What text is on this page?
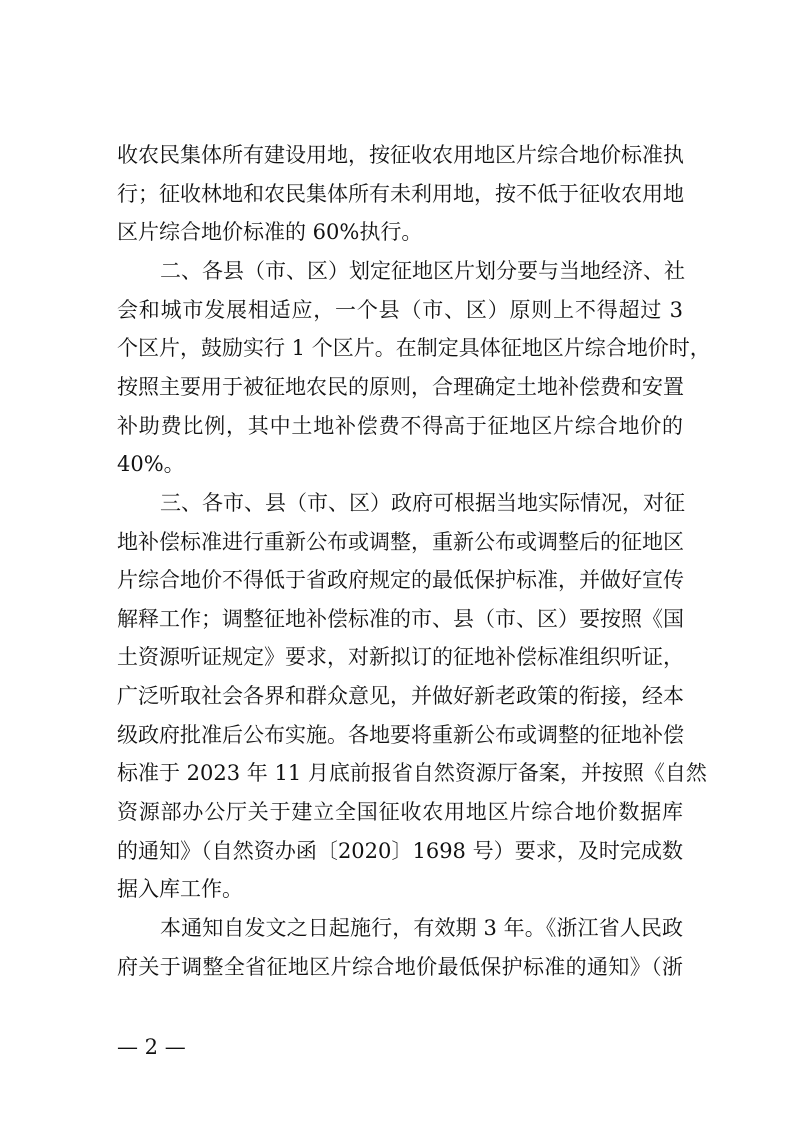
收农民集体所有建设用地，按征收农用地区片综合地价标准执
行；征收林地和农民集体所有未利用地，按不低于征收农用地
区片综合地价标准的 60%执行。
二、各县（市、区）划定征地区片划分要与当地经济、社
会和城市发展相适应，一个县（市、区）原则上不得超过 3
个区片，鼓励实行 1 个区片。在制定具体征地区片综合地价时，
按照主要用于被征地农民的原则，合理确定土地补偿费和安置
补助费比例，其中土地补偿费不得高于征地区片综合地价的
40%。
三、各市、县（市、区）政府可根据当地实际情况，对征
地补偿标准进行重新公布或调整，重新公布或调整后的征地区
片综合地价不得低于省政府规定的最低保护标准，并做好宣传
解释工作；调整征地补偿标准的市、县（市、区）要按照《国
土资源听证规定》要求，对新拟订的征地补偿标准组织听证，
广泛听取社会各界和群众意见，并做好新老政策的衔接，经本
级政府批准后公布实施。各地要将重新公布或调整的征地补偿
标准于 2023 年 11 月底前报省自然资源厅备案，并按照《自然
资源部办公厅关于建立全国征收农用地区片综合地价数据库
的通知》（自然资办函〔2020〕1698 号）要求，及时完成数
据入库工作。
本通知自发文之日起施行，有效期 3 年。《浙江省人民政
府关于调整全省征地区片综合地价最低保护标准的通知》（浙
— 2 —
